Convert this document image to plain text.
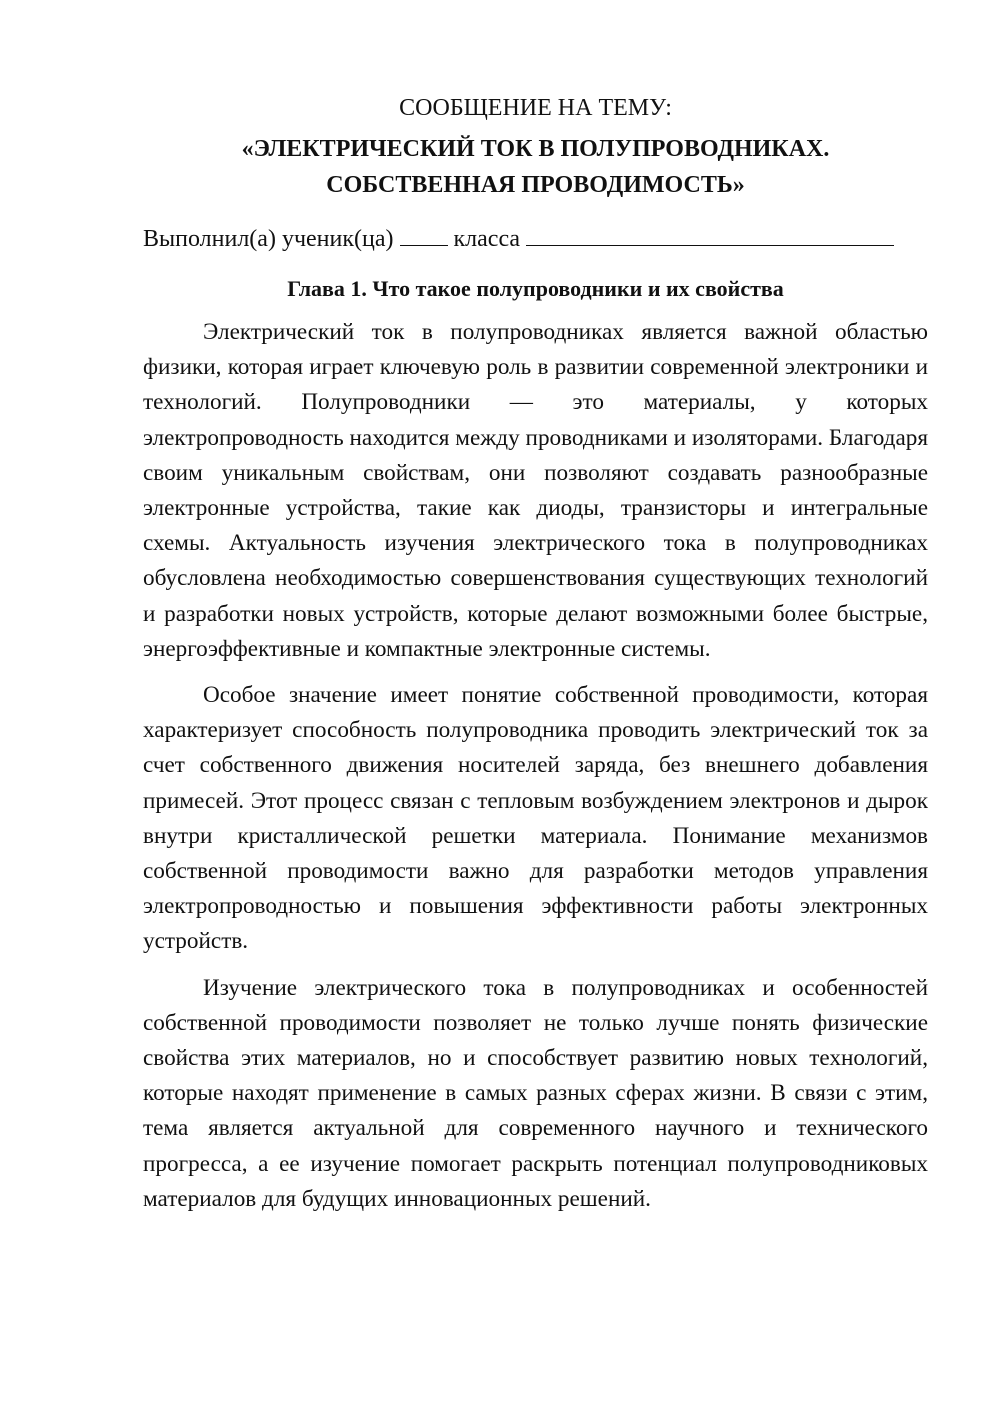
СООБЩЕНИЕ НА ТЕМУ:

«ЭЛЕКТРИЧЕСКИЙ ТОК В ПОЛУПРОВОДНИКАХ.
СОБСТВЕННАЯ ПРОВОДИМОСТЬ»

Выполнил(а) ученик(ца)	класса

Глава 1. Что такое полупроводники и их свойства

Электрический ток в полупроводниках является важной областью физики, которая играет ключевую роль в развитии современной электроники и технологий. Полупроводники — это материалы, у которых электропроводность находится между проводниками и изоляторами. Благодаря своим уникальным свойствам, они позволяют создавать разнообразные электронные устройства, такие как диоды, транзисторы и интегральные схемы. Актуальность изучения электрического тока в полупроводниках обусловлена необходимостью совершенствования существующих технологий и разработки новых устройств, которые делают возможными более быстрые, энергоэффективные и компактные электронные системы.

Особое значение имеет понятие собственной проводимости, которая характеризует способность полупроводника проводить электрический ток за счет собственного движения носителей заряда, без внешнего добавления примесей. Этот процесс связан с тепловым возбуждением электронов и дырок внутри кристаллической решетки материала. Понимание механизмов собственной проводимости важно для разработки методов управления электропроводностью и повышения эффективности работы электронных устройств.

Изучение электрического тока в полупроводниках и особенностей собственной проводимости позволяет не только лучше понять физические свойства этих материалов, но и способствует развитию новых технологий, которые находят применение в самых разных сферах жизни. В связи с этим, тема является актуальной для современного научного и технического прогресса, а ее изучение помогает раскрыть потенциал полупроводниковых материалов для будущих инновационных решений.
